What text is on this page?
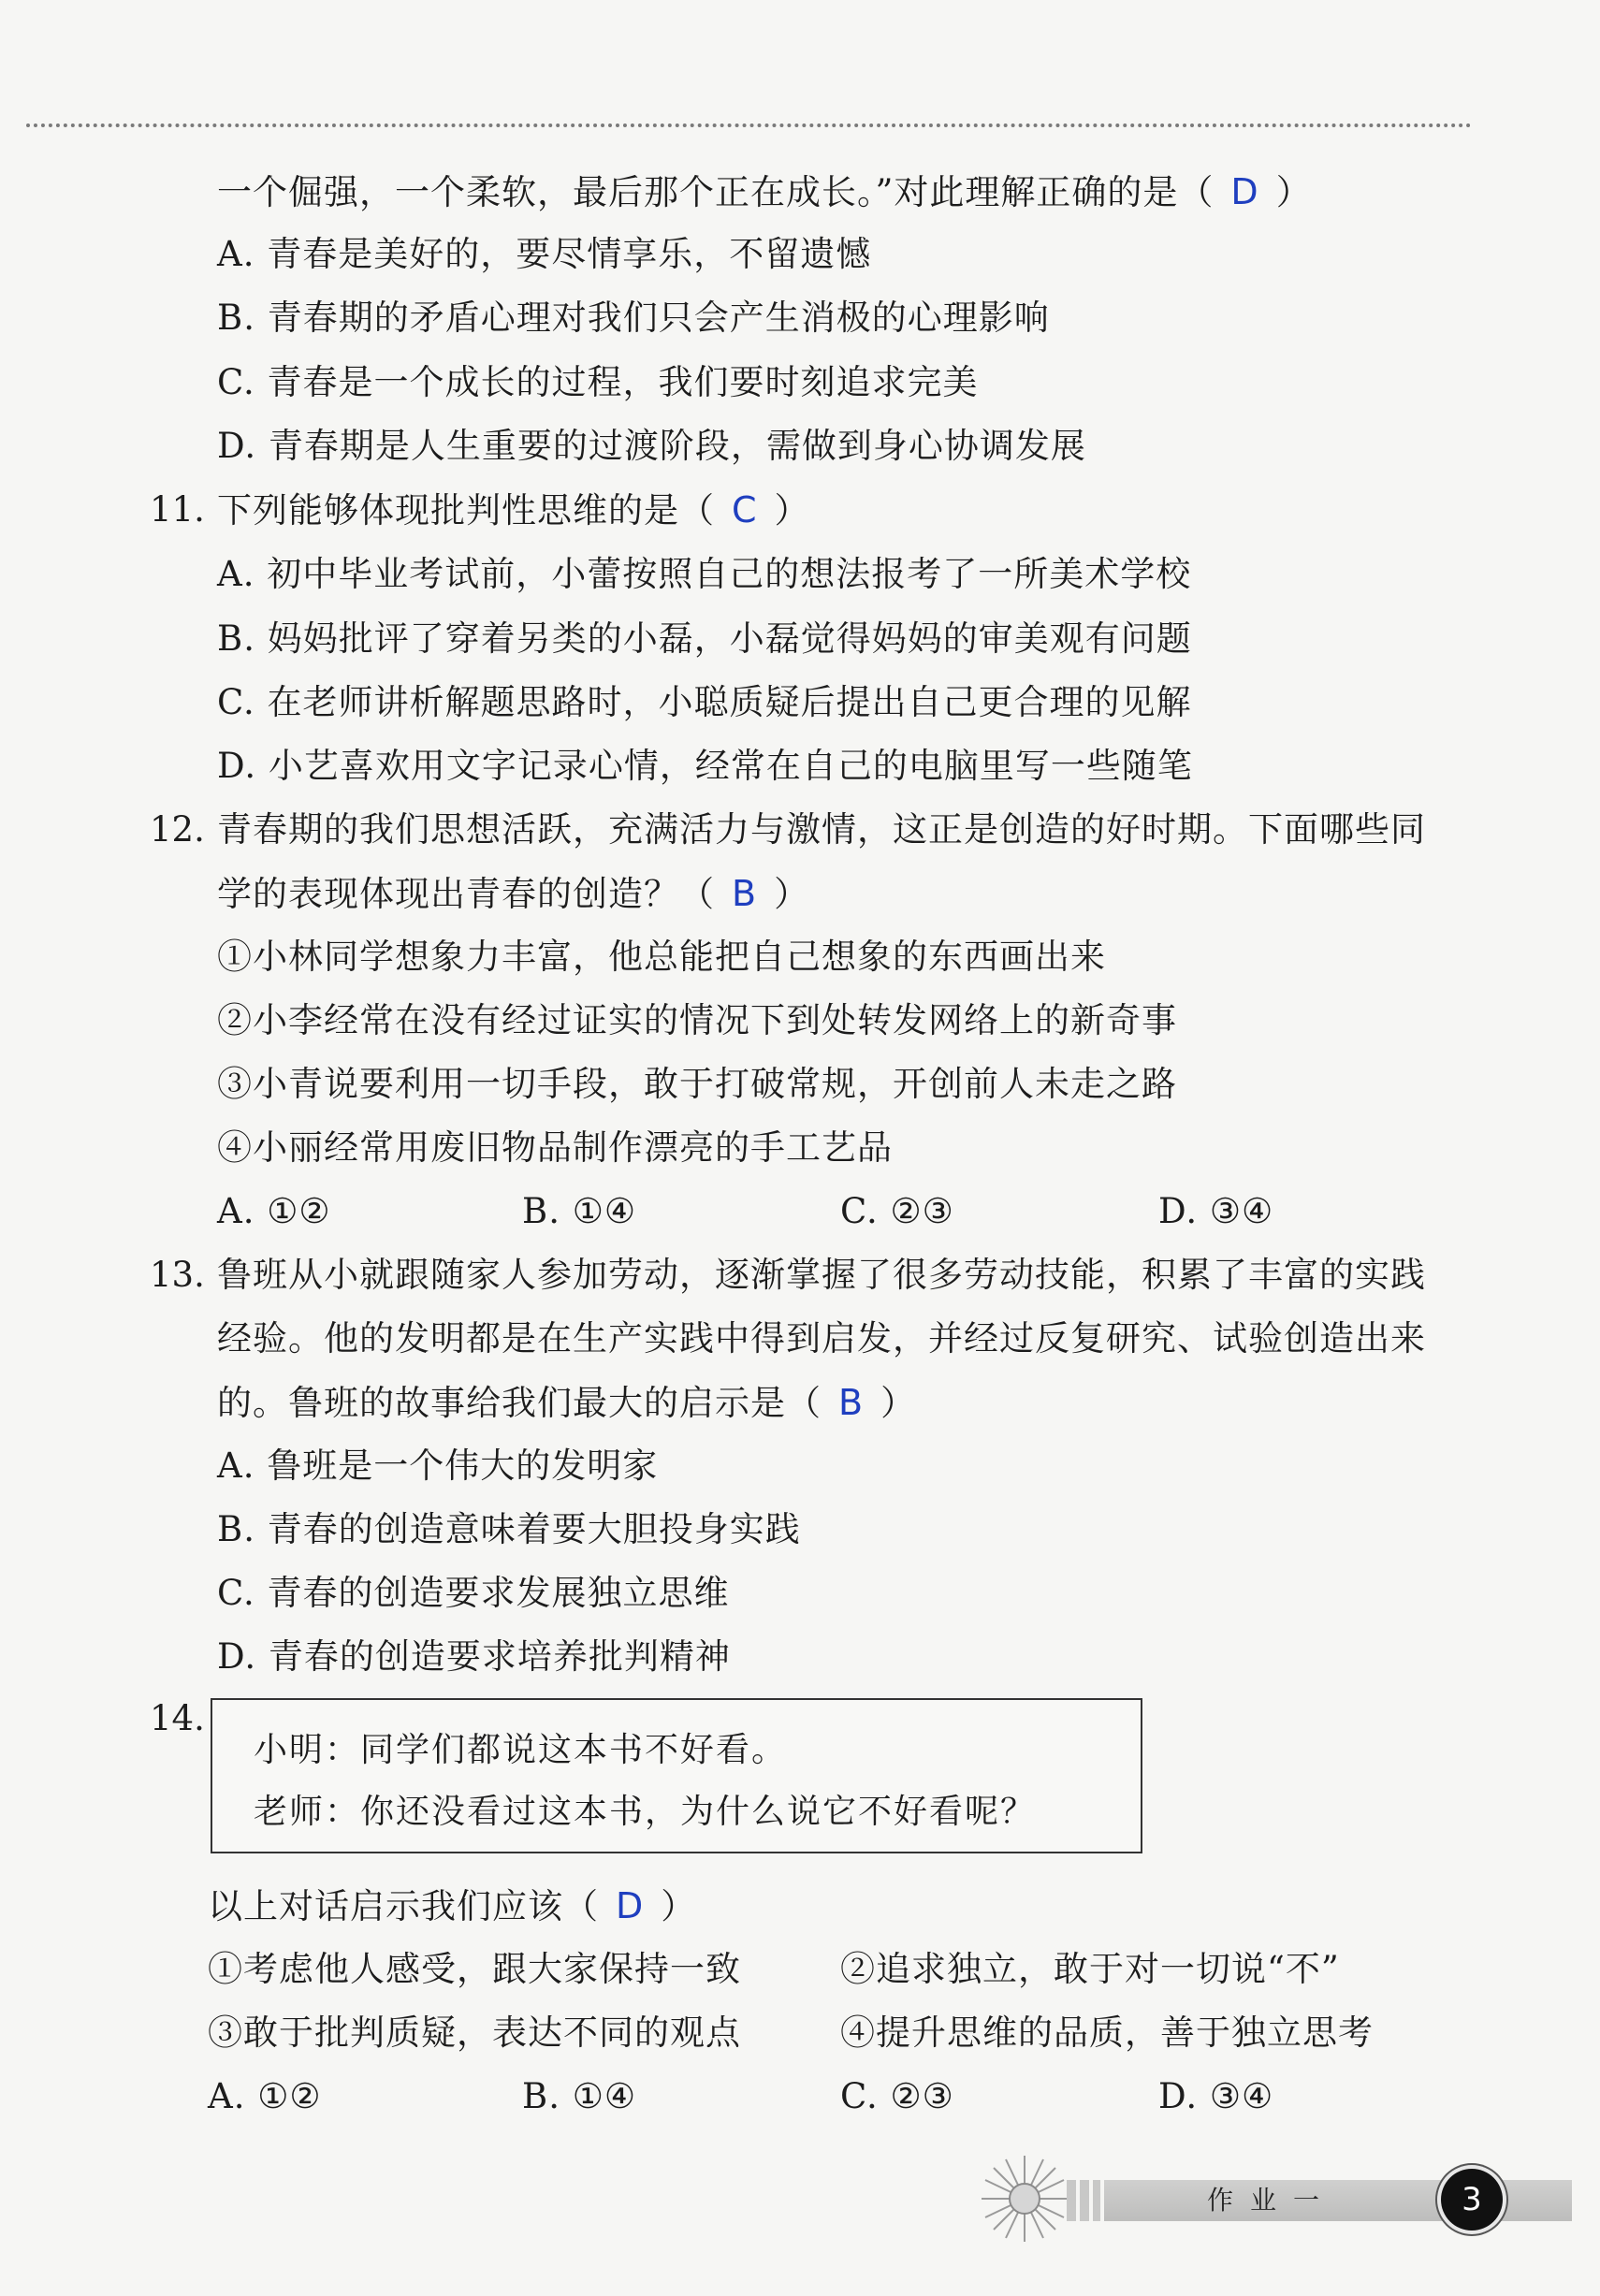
一个倔强，一个柔软，最后那个正在成长。”对此理解正确的是（ D ）
A. 青春是美好的，要尽情享乐，不留遗憾
B. 青春期的矛盾心理对我们只会产生消极的心理影响
C. 青春是一个成长的过程，我们要时刻追求完美
D. 青春期是人生重要的过渡阶段，需做到身心协调发展
11. 下列能够体现批判性思维的是（ C ）
A. 初中毕业考试前，小蕾按照自己的想法报考了一所美术学校
B. 妈妈批评了穿着另类的小磊，小磊觉得妈妈的审美观有问题
C. 在老师讲析解题思路时，小聪质疑后提出自己更合理的见解
D. 小艺喜欢用文字记录心情，经常在自己的电脑里写一些随笔
12. 青春期的我们思想活跃，充满活力与激情，这正是创造的好时期。下面哪些同
学的表现体现出青春的创造？（ B ）
①小林同学想象力丰富，他总能把自己想象的东西画出来
②小李经常在没有经过证实的情况下到处转发网络上的新奇事
③小青说要利用一切手段，敢于打破常规，开创前人未走之路
④小丽经常用废旧物品制作漂亮的手工艺品
A. ①②	B. ①④	C. ②③	D. ③④
13. 鲁班从小就跟随家人参加劳动，逐渐掌握了很多劳动技能，积累了丰富的实践
经验。他的发明都是在生产实践中得到启发，并经过反复研究、试验创造出来
的。鲁班的故事给我们最大的启示是（ B ）
A. 鲁班是一个伟大的发明家
B. 青春的创造意味着要大胆投身实践
C. 青春的创造要求发展独立思维
D. 青春的创造要求培养批判精神
14.
小明：同学们都说这本书不好看。
老师：你还没看过这本书，为什么说它不好看呢？
以上对话启示我们应该（ D ）
①考虑他人感受，跟大家保持一致	②追求独立，敢于对一切说“不”
③敢于批判质疑，表达不同的观点	④提升思维的品质，善于独立思考
A. ①②	B. ①④	C. ②③	D. ③④
作业一	3
